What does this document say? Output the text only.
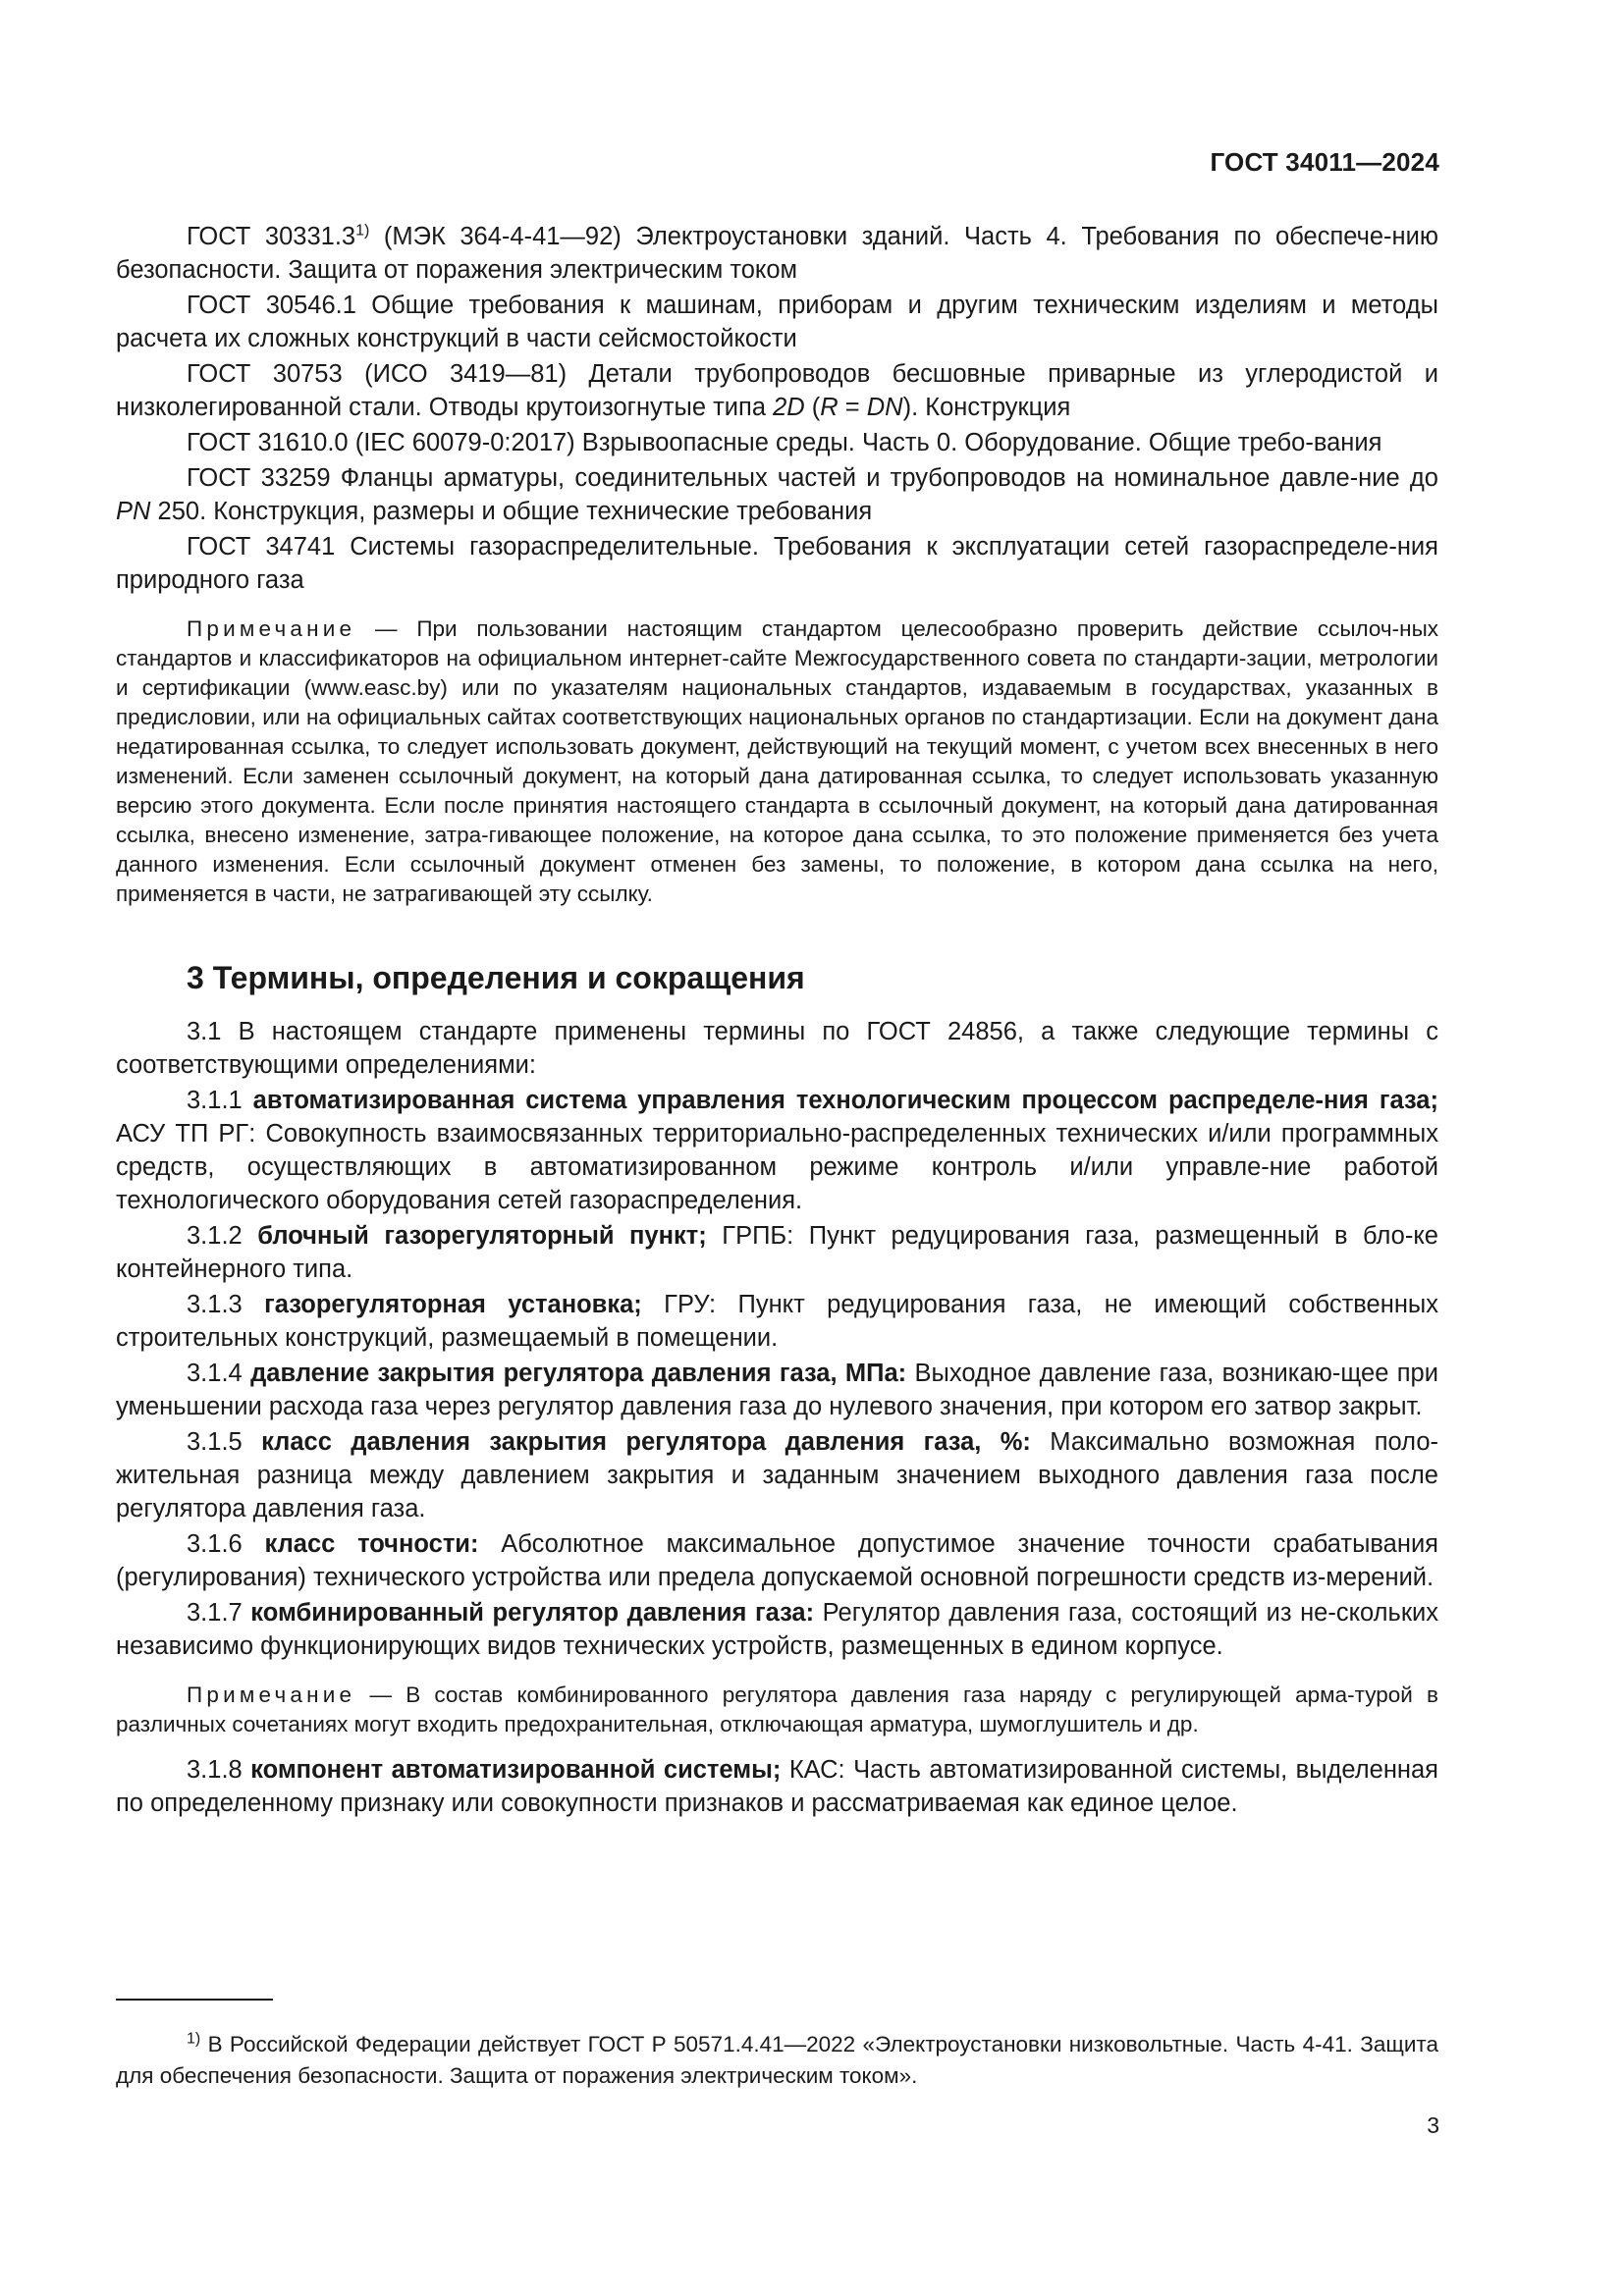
ГОСТ 34011—2024

ГОСТ 30331.3$^{1)}$ (МЭК 364-4-41—92) Электроустановки зданий. Часть 4. Требования по обеспече-нию безопасности. Защита от поражения электрическим током

ГОСТ 30546.1 Общие требования к машинам, приборам и другим техническим изделиям и методы расчета их сложных конструкций в части сейсмостойкости

ГОСТ 30753 (ИСО 3419—81) Детали трубопроводов бесшовные приварные из углеродистой и низколегированной стали. Отводы крутоизогнутые типа 2D (R = DN). Конструкция

ГОСТ 31610.0 (IEC 60079-0:2017) Взрывоопасные среды. Часть 0. Оборудование. Общие требо-вания

ГОСТ 33259 Фланцы арматуры, соединительных частей и трубопроводов на номинальное давле-ние до PN 250. Конструкция, размеры и общие технические требования

ГОСТ 34741 Системы газораспределительные. Требования к эксплуатации сетей газораспределе-ния природного газа

Примечание — При пользовании настоящим стандартом целесообразно проверить действие ссылоч-ных стандартов и классификаторов на официальном интернет-сайте Межгосударственного совета по стандарти-зации, метрологии и сертификации (www.easc.by) или по указателям национальных стандартов, издаваемым в государствах, указанных в предисловии, или на официальных сайтах соответствующих национальных органов по стандартизации. Если на документ дана недатированная ссылка, то следует использовать документ, действующий на текущий момент, с учетом всех внесенных в него изменений. Если заменен ссылочный документ, на который дана датированная ссылка, то следует использовать указанную версию этого документа. Если после принятия настоящего стандарта в ссылочный документ, на который дана датированная ссылка, внесено изменение, затра-гивающее положение, на которое дана ссылка, то это положение применяется без учета данного изменения. Если ссылочный документ отменен без замены, то положение, в котором дана ссылка на него, применяется в части, не затрагивающей эту ссылку.

3 Термины, определения и сокращения

3.1 В настоящем стандарте применены термины по ГОСТ 24856, а также следующие термины с соответствующими определениями:

3.1.1 автоматизированная система управления технологическим процессом распределе-ния газа; АСУ ТП РГ: Совокупность взаимосвязанных территориально-распределенных технических и/или программных средств, осуществляющих в автоматизированном режиме контроль и/или управле-ние работой технологического оборудования сетей газораспределения.

3.1.2 блочный газорегуляторный пункт; ГРПБ: Пункт редуцирования газа, размещенный в бло-ке контейнерного типа.

3.1.3 газорегуляторная установка; ГРУ: Пункт редуцирования газа, не имеющий собственных строительных конструкций, размещаемый в помещении.

3.1.4 давление закрытия регулятора давления газа, МПа: Выходное давление газа, возникаю-щее при уменьшении расхода газа через регулятор давления газа до нулевого значения, при котором его затвор закрыт.

3.1.5 класс давления закрытия регулятора давления газа, %: Максимально возможная поло-жительная разница между давлением закрытия и заданным значением выходного давления газа после регулятора давления газа.

3.1.6 класс точности: Абсолютное максимальное допустимое значение точности срабатывания (регулирования) технического устройства или предела допускаемой основной погрешности средств из-мерений.

3.1.7 комбинированный регулятор давления газа: Регулятор давления газа, состоящий из не-скольких независимо функционирующих видов технических устройств, размещенных в едином корпусе.

Примечание — В состав комбинированного регулятора давления газа наряду с регулирующей арма-турой в различных сочетаниях могут входить предохранительная, отключающая арматура, шумоглушитель и др.

3.1.8 компонент автоматизированной системы; КАС: Часть автоматизированной системы, выделенная по определенному признаку или совокупности признаков и рассматриваемая как единое целое.

$^{1)}$ В Российской Федерации действует ГОСТ Р 50571.4.41—2022 «Электроустановки низковольтные. Часть 4-41. Защита для обеспечения безопасности. Защита от поражения электрическим током».

3
